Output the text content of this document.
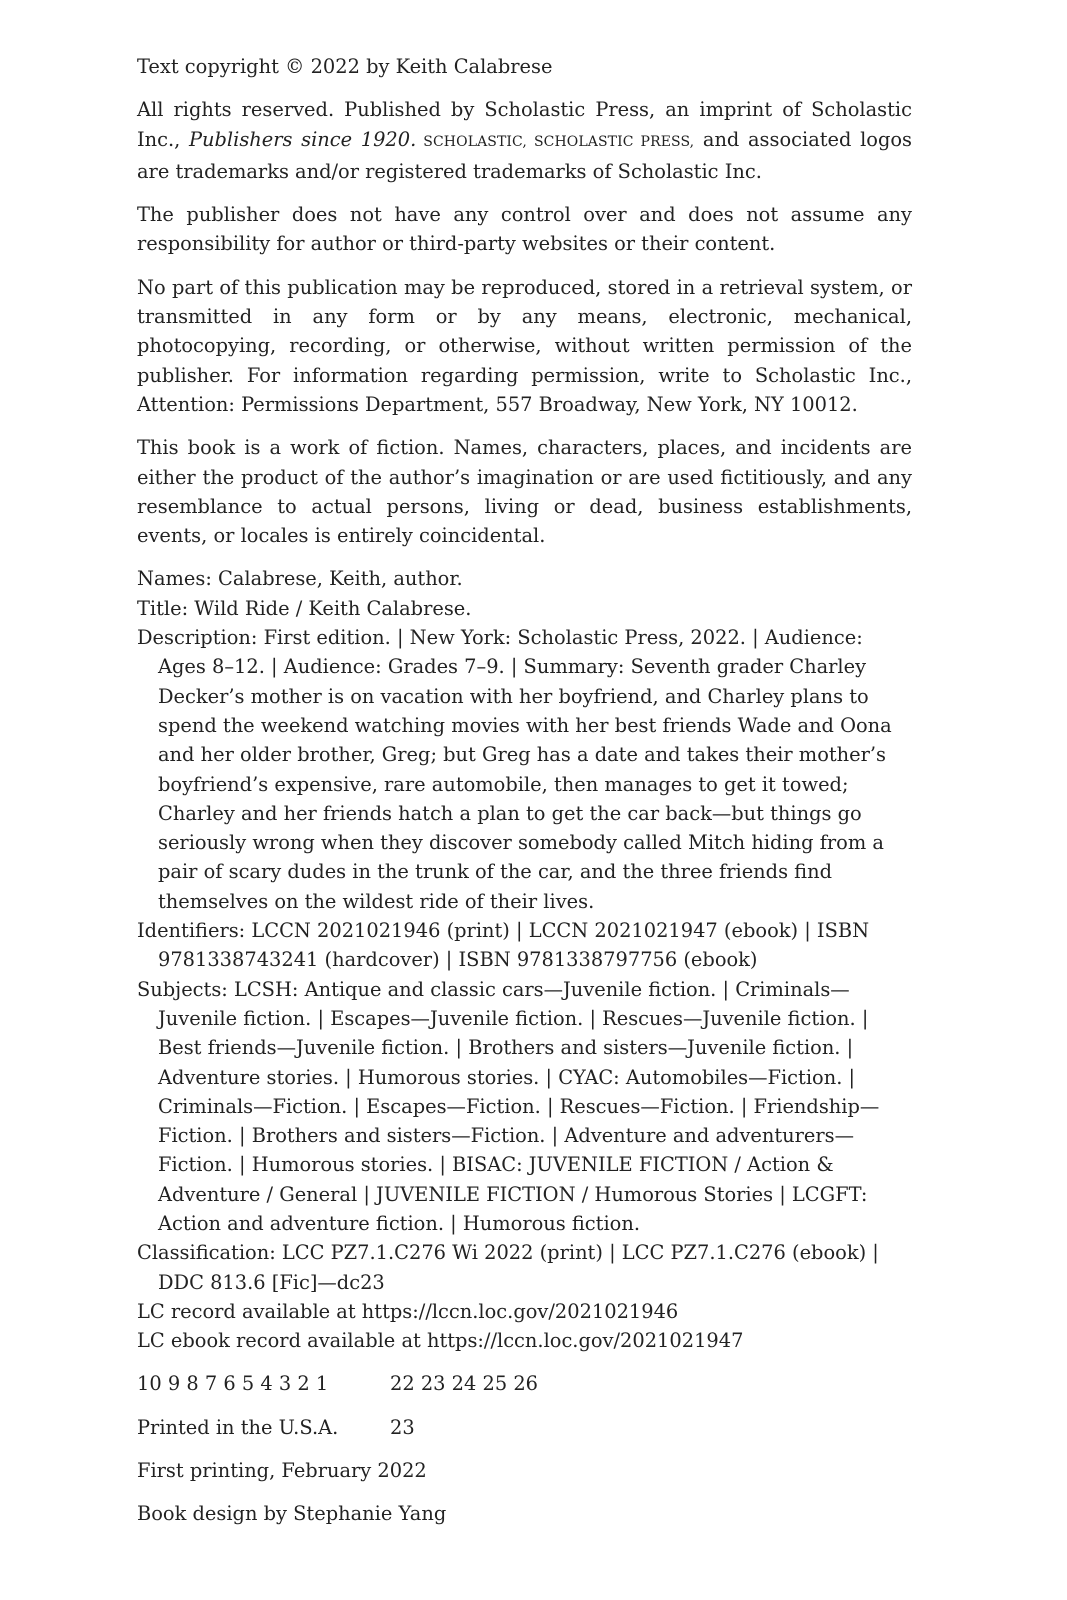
Text copyright © 2022 by Keith Calabrese

All rights reserved. Published by Scholastic Press, an imprint of Scholastic Inc., Publishers since 1920. SCHOLASTIC, SCHOLASTIC PRESS, and associated logos are trademarks and/or registered trademarks of Scholastic Inc.

The publisher does not have any control over and does not assume any responsibility for author or third-party websites or their content.

No part of this publication may be reproduced, stored in a retrieval system, or transmitted in any form or by any means, electronic, mechanical, photocopying, recording, or otherwise, without written permission of the publisher. For information regarding permission, write to Scholastic Inc., Attention: Permissions Department, 557 Broadway, New York, NY 10012.

This book is a work of fiction. Names, characters, places, and incidents are either the product of the author’s imagination or are used fictitiously, and any resemblance to actual persons, living or dead, business establishments, events, or locales is entirely coincidental.

Names: Calabrese, Keith, author.

Title: Wild Ride / Keith Calabrese.

Description: First edition. | New York: Scholastic Press, 2022. | Audience: Ages 8–12. | Audience: Grades 7–9. | Summary: Seventh grader Charley Decker’s mother is on vacation with her boyfriend, and Charley plans to spend the weekend watching movies with her best friends Wade and Oona and her older brother, Greg; but Greg has a date and takes their mother’s boyfriend’s expensive, rare automobile, then manages to get it towed; Charley and her friends hatch a plan to get the car back—but things go seriously wrong when they discover somebody called Mitch hiding from a pair of scary dudes in the trunk of the car, and the three friends find themselves on the wildest ride of their lives.

Identifiers: LCCN 2021021946 (print) | LCCN 2021021947 (ebook) | ISBN 9781338743241 (hardcover) | ISBN 9781338797756 (ebook)

Subjects: LCSH: Antique and classic cars—Juvenile fiction. | Criminals—Juvenile fiction. | Escapes—Juvenile fiction. | Rescues—Juvenile fiction. | Best friends—Juvenile fiction. | Brothers and sisters—Juvenile fiction. | Adventure stories. | Humorous stories. | CYAC: Automobiles—Fiction. | Criminals—Fiction. | Escapes—Fiction. | Rescues—Fiction. | Friendship—Fiction. | Brothers and sisters—Fiction. | Adventure and adventurers—Fiction. | Humorous stories. | BISAC: JUVENILE FICTION / Action & Adventure / General | JUVENILE FICTION / Humorous Stories | LCGFT: Action and adventure fiction. | Humorous fiction.

Classification: LCC PZ7.1.C276 Wi 2022 (print) | LCC PZ7.1.C276 (ebook) | DDC 813.6 [Fic]—dc23

LC record available at https://lccn.loc.gov/2021021946

LC ebook record available at https://lccn.loc.gov/2021021947

10 9 8 7 6 5 4 3 2 1	22 23 24 25 26
Printed in the U.S.A.	23

First printing, February 2022

Book design by Stephanie Yang
